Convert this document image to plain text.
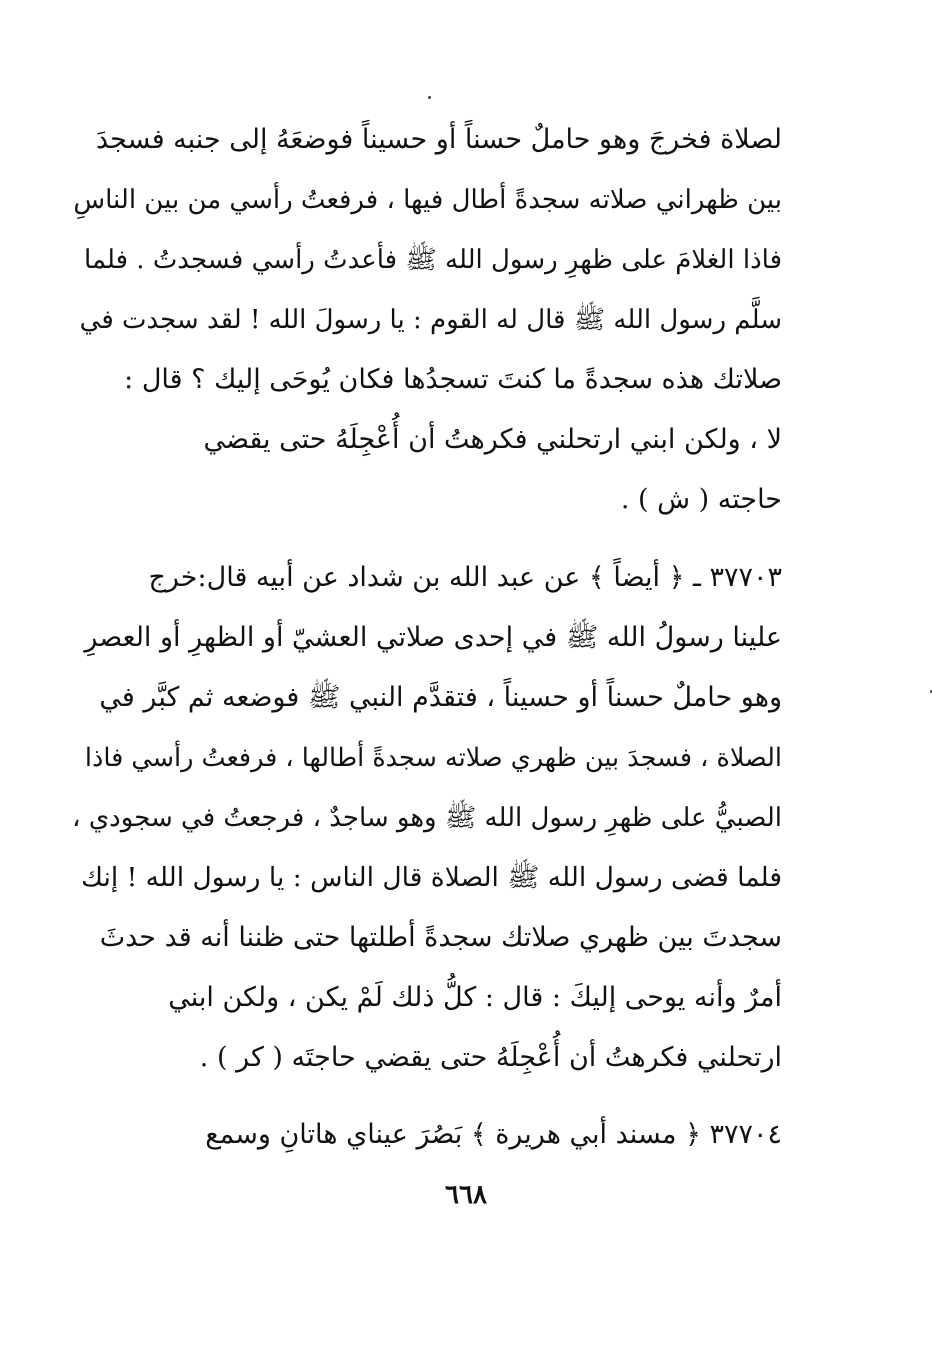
لصلاة فخرجَ وهو حاملٌ حسناً أو حسيناً فوضعَهُ إلى جنبه فسجدَ
بين ظهراني صلاته سجدةً أطال فيها ، فرفعتُ رأسي من بين الناسِ
فاذا الغلامَ على ظهرِ رسول الله ﷺ فأعدتُ رأسي فسجدتُ . فلما
سلَّم رسول الله ﷺ قال له القوم : يا رسولَ الله ! لقد سجدت في
صلاتك هذه سجدةً ما كنتَ تسجدُها فكان يُوحَى إليك ؟ قال :
لا ، ولكن ابني ارتحلني فكرهتُ أن أُعْجِلَهُ حتى يقضي
حاجته ( ش ) .
٣٧٧٠٣ ـ ﴿ أيضاً ﴾ عن عبد الله بن شداد عن أبيه قال:خرج
علينا رسولُ الله ﷺ في إحدى صلاتي العشيّ أو الظهرِ أو العصرِ
وهو حاملٌ حسناً أو حسيناً ، فتقدَّم النبي ﷺ فوضعه ثم كبَّر في
الصلاة ، فسجدَ بين ظهري صلاته سجدةً أطالها ، فرفعتُ رأسي فاذا
الصبيُّ على ظهرِ رسول الله ﷺ وهو ساجدٌ ، فرجعتُ في سجودي ،
فلما قضى رسول الله ﷺ الصلاة قال الناس : يا رسول الله ! إنك
سجدتَ بين ظهري صلاتك سجدةً أطلتها حتى ظننا أنه قد حدثَ
أمرٌ وأنه يوحى إليكَ : قال : كلُّ ذلك لَمْ يكن ، ولكن ابني
ارتحلني فكرهتُ أن أُعْجِلَهُ حتى يقضي حاجتَه ( كر ) .
٣٧٧٠٤ ﴿ مسند أبي هريرة ﴾ بَصُرَ عيناي هاتانِ وسمع
٦٦٨
